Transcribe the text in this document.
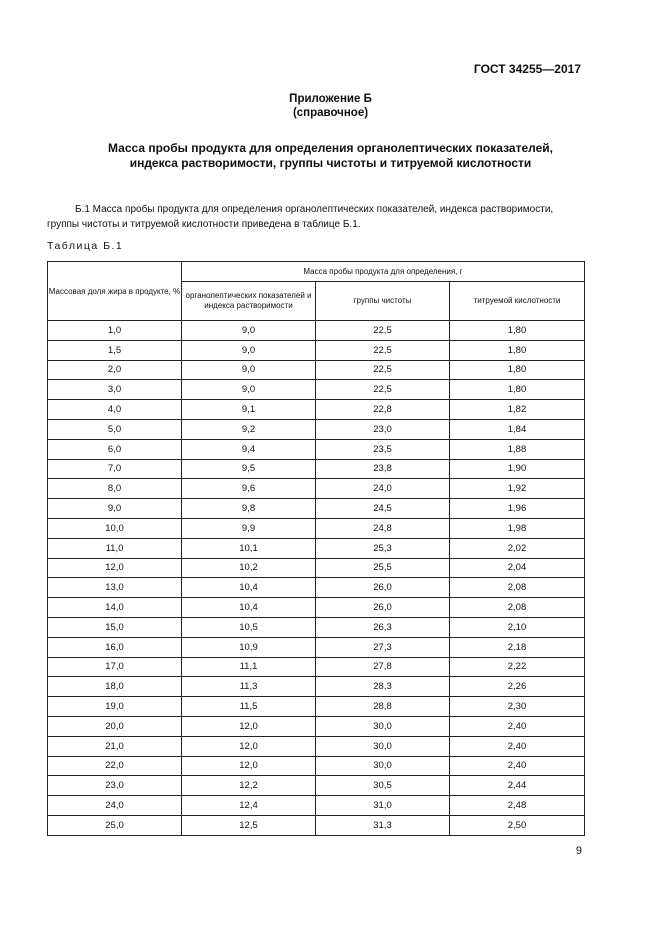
ГОСТ 34255—2017
Приложение Б
(справочное)
Масса пробы продукта для определения органолептических показателей,
индекса растворимости, группы чистоты и титруемой кислотности
Б.1 Масса пробы продукта для определения органолептических показателей, индекса растворимости, группы чистоты и титруемой кислотности приведена в таблице Б.1.
Таблица Б.1
Массовая доля жира в продукте, %	Масса пробы продукта для определения, г		
	органолептических показателей и индекса растворимости	группы чистоты	титруемой кислотности
1,0	9,0	22,5	1,80
1,5	9,0	22,5	1,80
2,0	9,0	22,5	1,80
3,0	9,0	22,5	1,80
4,0	9,1	22,8	1,82
5,0	9,2	23,0	1,84
6,0	9,4	23,5	1,88
7,0	9,5	23,8	1,90
8,0	9,6	24,0	1,92
9,0	9,8	24,5	1,96
10,0	9,9	24,8	1,98
11,0	10,1	25,3	2,02
12,0	10,2	25,5	2,04
13,0	10,4	26,0	2,08
14,0	10,4	26,0	2,08
15,0	10,5	26,3	2,10
16,0	10,9	27,3	2,18
17,0	11,1	27,8	2,22
18,0	11,3	28,3	2,26
19,0	11,5	28,8	2,30
20,0	12,0	30,0	2,40
21,0	12,0	30,0	2,40
22,0	12,0	30,0	2,40
23,0	12,2	30,5	2,44
24,0	12,4	31,0	2,48
25,0	12,5	31,3	2,50
9
